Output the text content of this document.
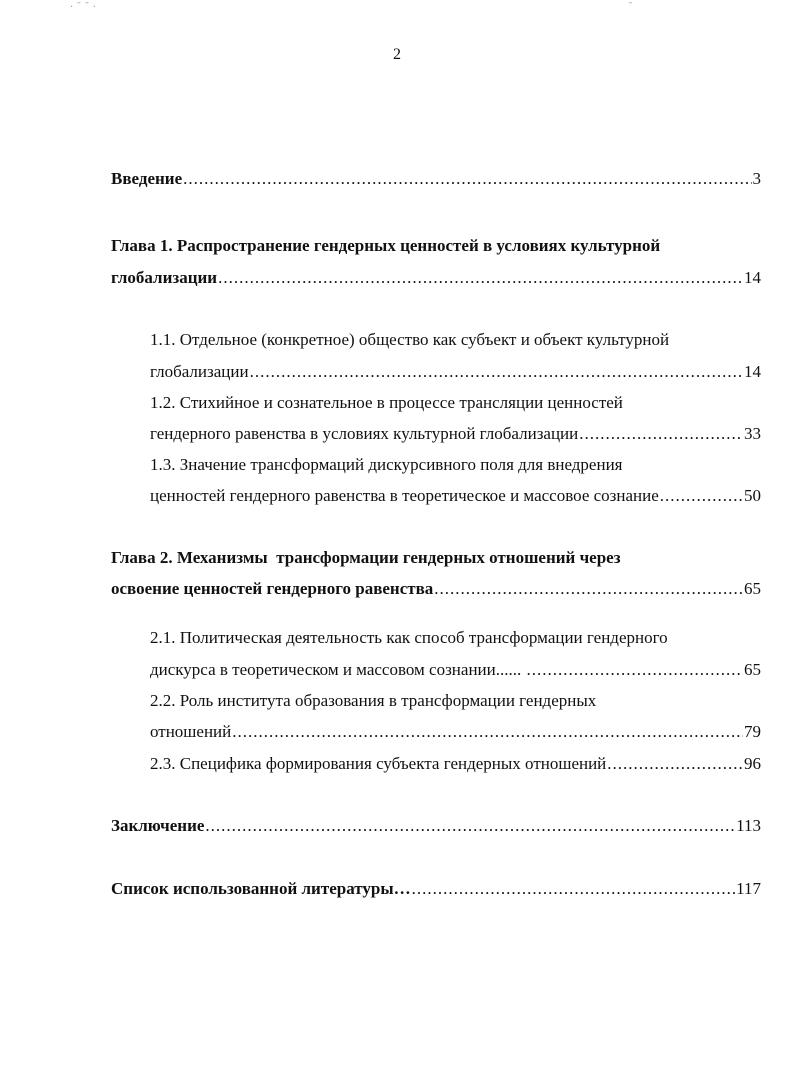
· ˉ ˉ ·	ˉ
2
Введение .....	3
Глава 1. Распространение гендерных ценностей в условиях культурной
глобализации .....	14
1.1. Отдельное (конкретное) общество как субъект и объект культурной
глобализации .....	14
1.2. Стихийное и сознательное в процессе трансляции ценностей
гендерного равенства в условиях культурной глобализации .....	33
1.3. Значение трансформаций дискурсивного поля для внедрения
ценностей гендерного равенства в теоретическое и массовое сознание .....	50
Глава 2. Механизмы  трансформации гендерных отношений через
освоение ценностей гендерного равенства .....	65
2.1. Политическая деятельность как способ трансформации гендерного
дискурса в теоретическом и массовом сознании...... .....	65
2.2. Роль института образования в трансформации гендерных
отношений .....	79
2.3. Специфика формирования субъекта гендерных отношений .....	96
Заключение .....	113
Список использованной литературы… .....	117
